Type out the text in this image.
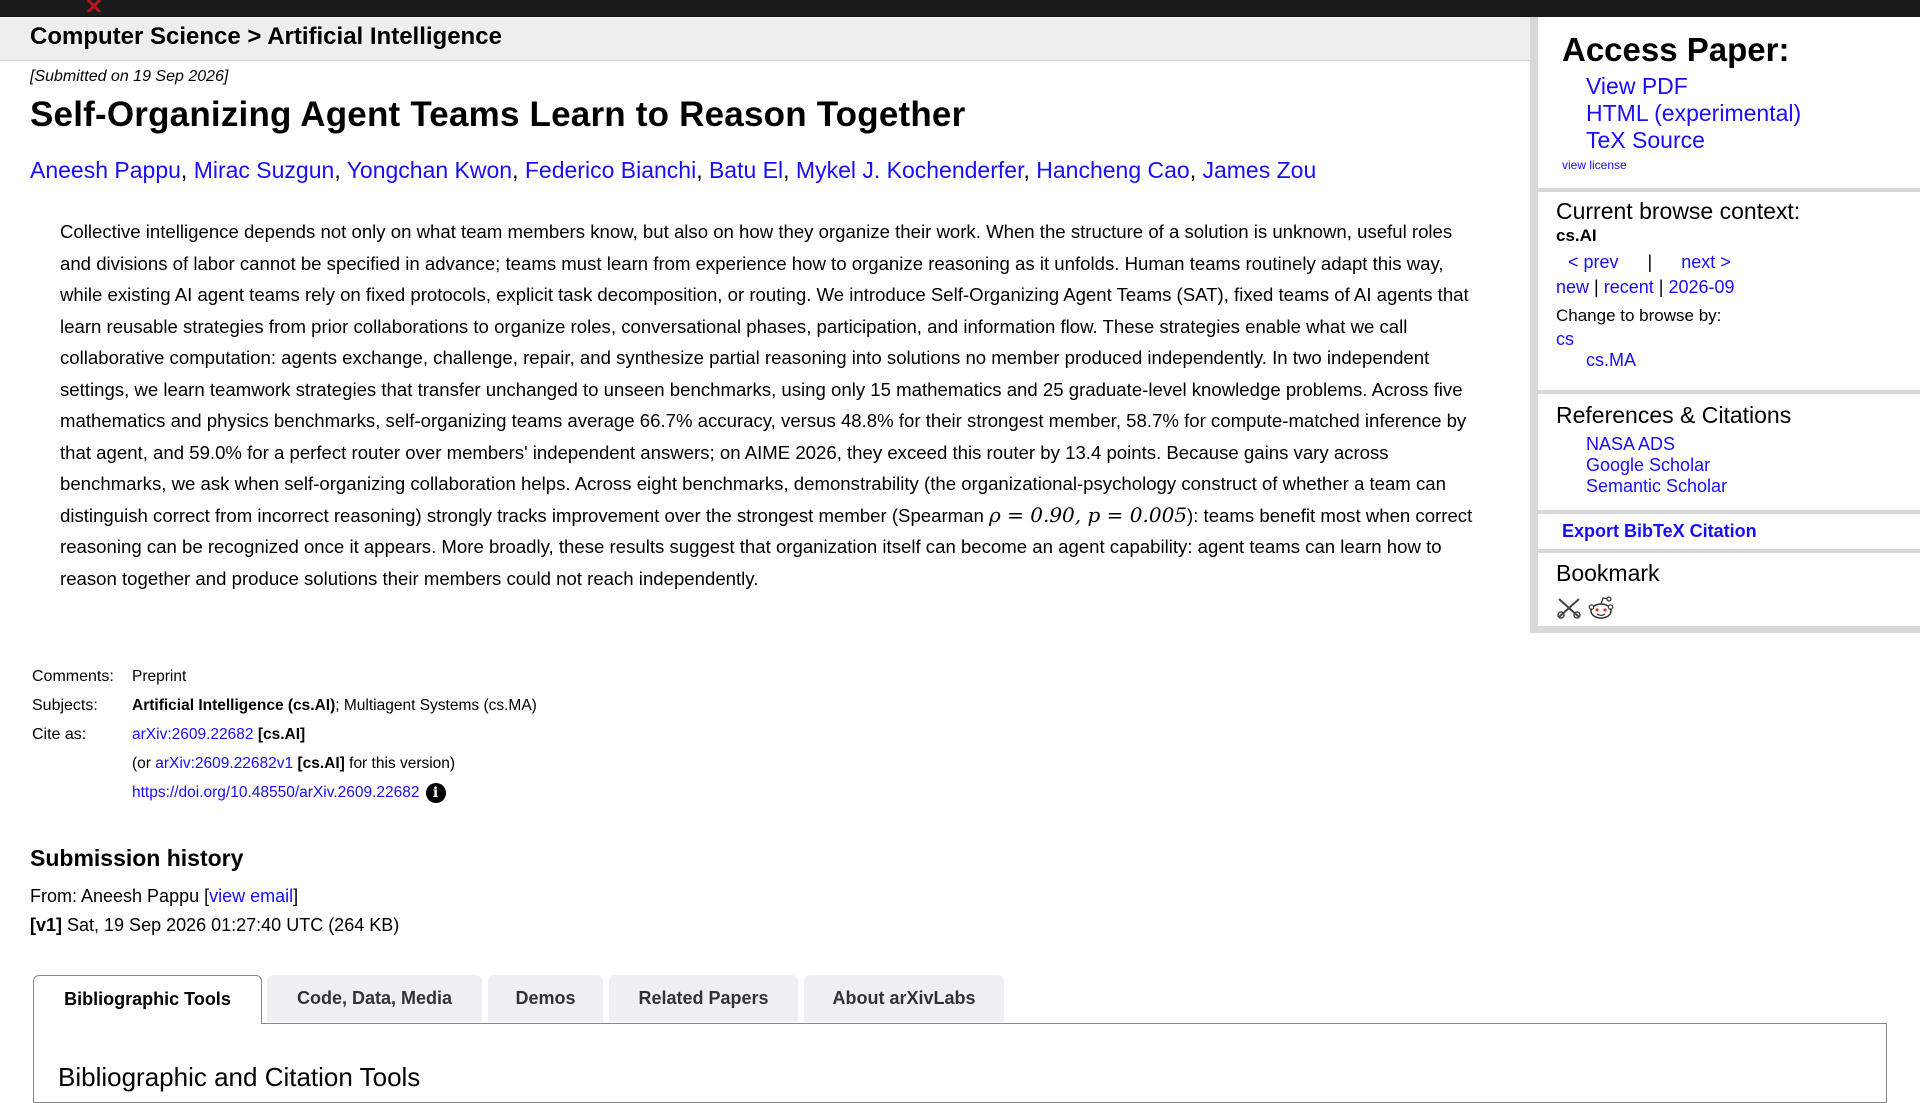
Computer Science > Artificial Intelligence
[Submitted on 19 Sep 2026]
Self-Organizing Agent Teams Learn to Reason Together
Aneesh Pappu, Mirac Suzgun, Yongchan Kwon, Federico Bianchi, Batu El, Mykel J. Kochenderfer, Hancheng Cao, James Zou
Collective intelligence depends not only on what team members know, but also on how they organize their work. When the structure of a solution is unknown, useful roles and divisions of labor cannot be specified in advance; teams must learn from experience how to organize reasoning as it unfolds. Human teams routinely adapt this way, while existing AI agent teams rely on fixed protocols, explicit task decomposition, or routing. We introduce Self-Organizing Agent Teams (SAT), fixed teams of AI agents that learn reusable strategies from prior collaborations to organize roles, conversational phases, participation, and information flow. These strategies enable what we call collaborative computation: agents exchange, challenge, repair, and synthesize partial reasoning into solutions no member produced independently. In two independent settings, we learn teamwork strategies that transfer unchanged to unseen benchmarks, using only 15 mathematics and 25 graduate-level knowledge problems. Across five mathematics and physics benchmarks, self-organizing teams average 66.7% accuracy, versus 48.8% for their strongest member, 58.7% for compute-matched inference by that agent, and 59.0% for a perfect router over members' independent answers; on AIME 2026, they exceed this router by 13.4 points. Because gains vary across benchmarks, we ask when self-organizing collaboration helps. Across eight benchmarks, demonstrability (the organizational-psychology construct of whether a team can distinguish correct from incorrect reasoning) strongly tracks improvement over the strongest member (Spearman ρ = 0.90, p = 0.005): teams benefit most when correct reasoning can be recognized once it appears. More broadly, these results suggest that organization itself can become an agent capability: agent teams can learn how to reason together and produce solutions their members could not reach independently.
Comments:	Preprint
Subjects:	Artificial Intelligence (cs.AI); Multiagent Systems (cs.MA)
Cite as:	arXiv:2609.22682 [cs.AI]
	(or arXiv:2609.22682v1 [cs.AI] for this version)
	https://doi.org/10.48550/arXiv.2609.22682 i
Submission history
From: Aneesh Pappu [view email]
[v1] Sat, 19 Sep 2026 01:27:40 UTC (264 KB)
Bibliographic Tools	Code, Data, Media	Demos	Related Papers	About arXivLabs
Bibliographic and Citation Tools
Access Paper:
View PDF
HTML (experimental)
TeX Source
view license
Current browse context:
cs.AI
< prev | next >
new | recent | 2026-09
Change to browse by:
cs
cs.MA
References & Citations
NASA ADS
Google Scholar
Semantic Scholar
Export BibTeX Citation
Bookmark
